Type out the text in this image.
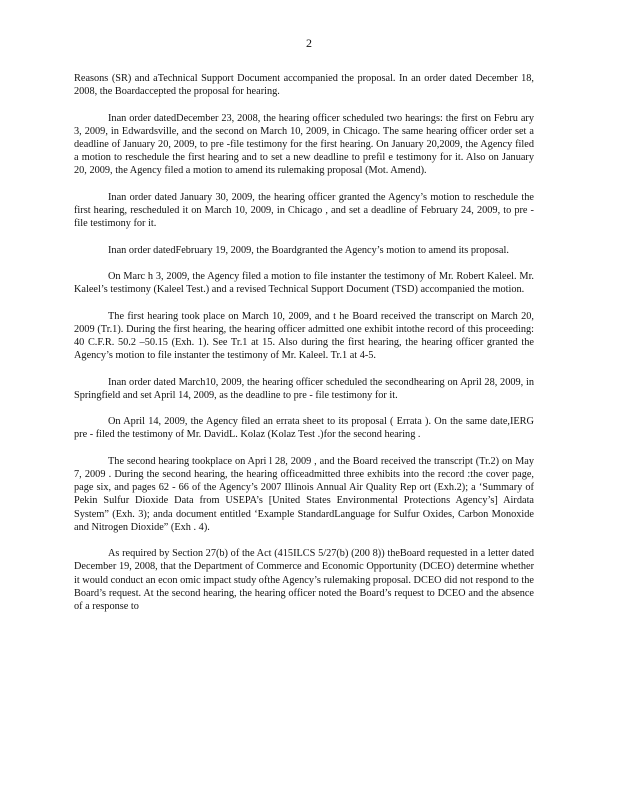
2

Reasons (SR) and aTechnical Support Document accompanied the proposal. In an order dated December 18, 2008, the Boardaccepted the proposal for hearing.

Inan order datedDecember 23, 2008, the hearing officer scheduled two hearings: the first on Febru ary 3, 2009, in Edwardsville, and the second on March 10, 2009, in Chicago. The same hearing officer order set a deadline of January 20, 2009, to pre -file testimony for the first hearing. On January 20,2009, the Agency filed a motion to reschedule the first hearing and to set a new deadline to prefil e testimony for it. Also on January 20, 2009, the Agency filed a motion to amend its rulemaking proposal (Mot. Amend).

Inan order dated January 30, 2009, the hearing officer granted the Agency’s motion to reschedule the first hearing, rescheduled it on March 10, 2009, in Chicago , and set a deadline of February 24, 2009, to pre -file testimony for it.

Inan order datedFebruary 19, 2009, the Boardgranted the Agency’s motion to amend its proposal.

On Marc h 3, 2009, the Agency filed a motion to file instanter the testimony of Mr. Robert Kaleel. Mr. Kaleel’s testimony (Kaleel Test.) and a revised Technical Support Document (TSD) accompanied the motion.

The first hearing took place on March 10, 2009, and t he Board received the transcript on March 20, 2009 (Tr.1). During the first hearing, the hearing officer admitted one exhibit intothe record of this proceeding: 40 C.F.R. 50.2 –50.15 (Exh. 1). See Tr.1 at 15. Also during the first hearing, the hearing officer granted the Agency’s motion to file instanter the testimony of Mr. Kaleel. Tr.1 at 4-5.

Inan order dated March10, 2009, the hearing officer scheduled the secondhearing on April 28, 2009, in Springfield and set April 14, 2009, as the deadline to pre - file testimony for it.

On April 14, 2009, the Agency filed an errata sheet to its proposal ( Errata ). On the same date,IERG pre - filed the testimony of Mr. DavidL. Kolaz (Kolaz Test .)for the second hearing .

The second hearing tookplace on Apri l 28, 2009 , and the Board received the transcript (Tr.2) on May 7, 2009 . During the second hearing, the hearing officeadmitted three exhibits into the record :the cover page, page six, and pages 62 - 66 of the Agency’s 2007 Illinois Annual Air Quality Rep ort (Exh.2); a ‘Summary of Pekin Sulfur Dioxide Data from USEPA’s [United States Environmental Protections Agency’s] Airdata System” (Exh. 3); anda document entitled ‘Example StandardLanguage for Sulfur Oxides, Carbon Monoxide and Nitrogen Dioxide” (Exh . 4).

As required by Section 27(b) of the Act (415ILCS 5/27(b) (200 8)) theBoard requested in a letter dated December 19, 2008, that the Department of Commerce and Economic Opportunity (DCEO) determine whether it would conduct an econ omic impact study ofthe Agency’s rulemaking proposal. DCEO did not respond to the Board’s request. At the second hearing, the hearing officer noted the Board’s request to DCEO and the absence of a response to
